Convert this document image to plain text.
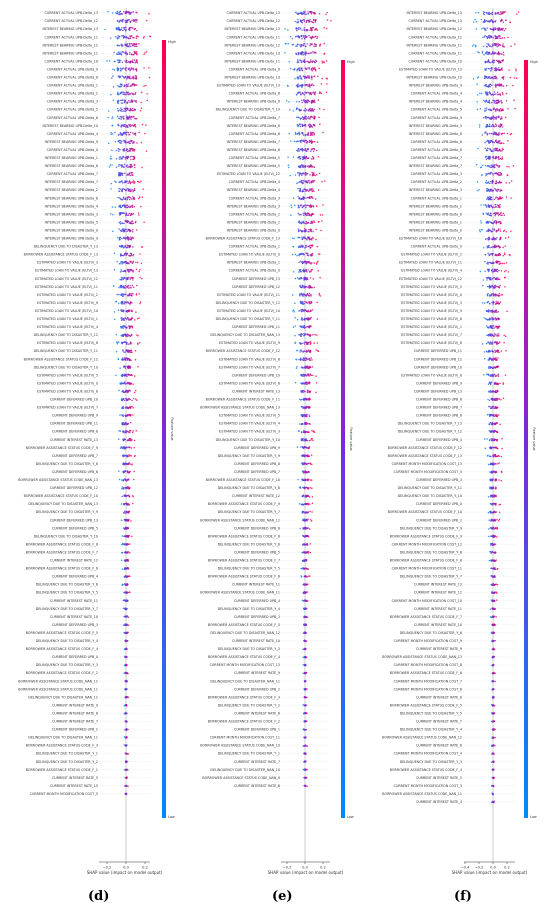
CURRENT ACTUAL UPB-Delta_13
CURRENT ACTUAL UPB-Delta_12
INTEREST BEARING UPB-Delta_13
CURRENT ACTUAL UPB-Delta_11
INTEREST BEARING UPB-Delta_12
INTEREST BEARING UPB-Delta_11
CURRENT ACTUAL UPB-Delta_10
CURRENT ACTUAL UPB-Delta_9
CURRENT ACTUAL UPB-Delta_8
CURRENT ACTUAL UPB-Delta_1
CURRENT ACTUAL UPB-Delta_2
CURRENT ACTUAL UPB-Delta_3
CURRENT ACTUAL UPB-Delta_5
CURRENT ACTUAL UPB-Delta_6
INTEREST BEARING UPB-Delta_10
CURRENT ACTUAL UPB-Delta_4
INTEREST BEARING UPB-Delta_9
CURRENT ACTUAL UPB-Delta_0
INTEREST BEARING UPB-Delta_1
INTEREST BEARING UPB-Delta_8
CURRENT ACTUAL UPB-Delta_7
INTEREST BEARING UPB-Delta_7
INTEREST BEARING UPB-Delta_2
INTEREST BEARING UPB-Delta_6
INTEREST BEARING UPB-Delta_4
INTEREST BEARING UPB-Delta_3
INTEREST BEARING UPB-Delta_5
INTEREST BEARING UPB-Delta_0
INTEREST BEARING UPB-Delta_9
DELINQUENCY DUE TO DISASTER_Y_13
BORROWER ASSISTANCE STATUS CODE_F_13
ESTIMATED LOAN TO VALUE (ELTV)_3
ESTIMATED LOAN TO VALUE (ELTV)_13
ESTIMATED LOAN TO VALUE (ELTV)_12
ESTIMATED LOAN TO VALUE (ELTV)_11
ESTIMATED LOAN TO VALUE (ELTV)_2
ESTIMATED LOAN TO VALUE (ELTV)_9
ESTIMATED LOAN TO VALUE (ELTV)_10
ESTIMATED LOAN TO VALUE (ELTV)_1
ESTIMATED LOAN TO VALUE (ELTV)_4
DELINQUENCY DUE TO DISASTER_Y_12
ESTIMATED LOAN TO VALUE (ELTV)_8
DELINQUENCY DUE TO DISASTER_Y_11
BORROWER ASSISTANCE STATUS CODE_F_12
DELINQUENCY DUE TO DISASTER_Y_10
ESTIMATED LOAN TO VALUE (ELTV)_5
ESTIMATED LOAN TO VALUE (ELTV)_0
ESTIMATED LOAN TO VALUE (ELTV)_6
CURRENT DEFERRED UPB_10
ESTIMATED LOAN TO VALUE (ELTV)_7
CURRENT DEFERRED UPB_9
CURRENT DEFERRED UPB_11
CURRENT DEFERRED UPB_8
CURRENT INTEREST RATE_13
BORROWER ASSISTANCE STATUS CODE_F_9
CURRENT DEFERRED UPB_7
DELINQUENCY DUE TO DISASTER_Y_8
CURRENT DEFERRED UPB_6
BORROWER ASSISTANCE STATUS CODE_NAN_13
CURRENT DEFERRED UPB_12
BORROWER ASSISTANCE STATUS CODE_F_10
DELINQUENCY DUE TO DISASTER_NAN_13
DELINQUENCY DUE TO DISASTER_Y_9
CURRENT DEFERRED UPB_13
CURRENT DEFERRED UPB_5
DELINQUENCY DUE TO DISASTER_Y_10
BORROWER ASSISTANCE STATUS CODE_F_8
BORROWER ASSISTANCE STATUS CODE_F_7
CURRENT INTEREST RATE_12
BORROWER ASSISTANCE STATUS CODE_F_6
CURRENT DEFERRED UPB_4
DELINQUENCY DUE TO DISASTER_Y_6
DELINQUENCY DUE TO DISASTER_Y_5
CURRENT INTEREST RATE_11
DELINQUENCY DUE TO DISASTER_Y_7
CURRENT INTEREST RATE_10
CURRENT DEFERRED UPB_3
BORROWER ASSISTANCE STATUS CODE_F_5
DELINQUENCY DUE TO DISASTER_Y_4
BORROWER ASSISTANCE STATUS CODE_F_4
CURRENT DEFERRED UPB_0
DELINQUENCY DUE TO DISASTER_Y_3
BORROWER ASSISTANCE STATUS CODE_F_2
BORROWER ASSISTANCE STATUS CODE_NAN_12
BORROWER ASSISTANCE STATUS CODE_NAN_11
DELINQUENCY DUE TO DISASTER_NAN_12
CURRENT INTEREST RATE_9
CURRENT INTEREST RATE_8
CURRENT INTEREST RATE_7
CURRENT DEFERRED UPB_2
DELINQUENCY DUE TO DISASTER_NAN_11
BORROWER ASSISTANCE STATUS CODE_F_3
DELINQUENCY DUE TO DISASTER_Y_1
DELINQUENCY DUE TO DISASTER_Y_2
BORROWER ASSISTANCE STATUS CODE_F_1
CURRENT INTEREST RATE_5
CURRENT INTEREST RATE_15
CURRENT MONTH MODIFICATION COST_5
−0.2	0.0	0.2
SHAP value (impact on model output)
High
Low
Feature value
(d)
CURRENT ACTUAL UPB-Delta_13
CURRENT ACTUAL UPB-Delta_12
INTEREST BEARING UPB-Delta_13
CURRENT ACTUAL UPB-Delta_11
INTEREST BEARING UPB-Delta_12
CURRENT ACTUAL UPB-Delta_10
INTEREST BEARING UPB-Delta_11
CURRENT ACTUAL UPB-Delta_9
INTEREST BEARING UPB-Delta_10
ESTIMATED LOAN TO VALUE (ELTV)_13
CURRENT ACTUAL UPB-Delta_8
INTEREST BEARING UPB-Delta_9
DELINQUENCY DUE TO DISASTER_Y_13
CURRENT ACTUAL UPB-Delta_7
INTEREST BEARING UPB-Delta_8
CURRENT ACTUAL UPB-Delta_6
INTEREST BEARING UPB-Delta_7
INTEREST BEARING UPB-Delta_6
CURRENT ACTUAL UPB-Delta_5
INTEREST BEARING UPB-Delta_5
ESTIMATED LOAN TO VALUE (ELTV)_12
CURRENT ACTUAL UPB-Delta_4
INTEREST BEARING UPB-Delta_4
CURRENT ACTUAL UPB-Delta_3
INTEREST BEARING UPB-Delta_3
CURRENT ACTUAL UPB-Delta_2
INTEREST BEARING UPB-Delta_2
INTEREST BEARING UPB-Delta_0
BORROWER ASSISTANCE STATUS CODE_F_13
CURRENT ACTUAL UPB-Delta_1
ESTIMATED LOAN TO VALUE (ELTV)_0
INTEREST BEARING UPB-Delta_1
CURRENT ACTUAL UPB-Delta_0
CURRENT DEFERRED UPB_13
CURRENT DEFERRED UPB_12
ESTIMATED LOAN TO VALUE (ELTV)_11
DELINQUENCY DUE TO DISASTER_Y_12
ESTIMATED LOAN TO VALUE (ELTV)_10
DELINQUENCY DUE TO DISASTER_Y_11
CURRENT DEFERRED UPB_11
DELINQUENCY DUE TO DISASTER_NAN_13
ESTIMATED LOAN TO VALUE (ELTV)_9
BORROWER ASSISTANCE STATUS CODE_F_12
ESTIMATED LOAN TO VALUE (ELTV)_8
ESTIMATED LOAN TO VALUE (ELTV)_7
CURRENT DEFERRED UPB_10
ESTIMATED LOAN TO VALUE (ELTV)_6
CURRENT INTEREST RATE_13
BORROWER ASSISTANCE STATUS CODE_F_11
BORROWER ASSISTANCE STATUS CODE_NAN_13
ESTIMATED LOAN TO VALUE (ELTV)_5
ESTIMATED LOAN TO VALUE (ELTV)_4
ESTIMATED LOAN TO VALUE (ELTV)_3
DELINQUENCY DUE TO DISASTER_Y_10
CURRENT DEFERRED UPB_9
DELINQUENCY DUE TO DISASTER_Y_9
CURRENT DEFERRED UPB_8
CURRENT DEFERRED UPB_7
BORROWER ASSISTANCE STATUS CODE_F_10
DELINQUENCY DUE TO DISASTER_Y_8
CURRENT INTEREST RATE_12
BORROWER ASSISTANCE STATUS CODE_F_9
DELINQUENCY DUE TO DISASTER_Y_7
BORROWER ASSISTANCE STATUS CODE_NAN_12
CURRENT DEFERRED UPB_6
BORROWER ASSISTANCE STATUS CODE_F_8
DELINQUENCY DUE TO DISASTER_Y_6
CURRENT DEFERRED UPB_5
BORROWER ASSISTANCE STATUS CODE_F_7
DELINQUENCY DUE TO DISASTER_Y_5
BORROWER ASSISTANCE STATUS CODE_F_6
CURRENT INTEREST RATE_11
BORROWER ASSISTANCE STATUS CODE_NAN_11
CURRENT DEFERRED UPB_4
DELINQUENCY DUE TO DISASTER_Y_4
CURRENT DEFERRED UPB_3
BORROWER ASSISTANCE STATUS CODE_F_5
DELINQUENCY DUE TO DISASTER_NAN_12
CURRENT INTEREST RATE_10
DELINQUENCY DUE TO DISASTER_Y_3
BORROWER ASSISTANCE STATUS CODE_F_4
CURRENT MONTH MODIFICATION COST_13
CURRENT INTEREST RATE_9
DELINQUENCY DUE TO DISASTER_NAN_11
CURRENT DEFERRED UPB_2
BORROWER ASSISTANCE STATUS CODE_F_3
DELINQUENCY DUE TO DISASTER_Y_2
CURRENT INTEREST RATE_8
BORROWER ASSISTANCE STATUS CODE_F_2
CURRENT DEFERRED UPB_1
CURRENT MONTH MODIFICATION COST_11
BORROWER ASSISTANCE STATUS CODE_NAN_10
DELINQUENCY DUE TO DISASTER_Y_1
CURRENT INTEREST RATE_7
DELINQUENCY DUE TO DISASTER_NAN_10
BORROWER ASSISTANCE STATUS CODE_NAN_9
CURRENT INTEREST RATE_6
−0.2	0.0	0.2
SHAP value (impact on model output)
High
Low
Feature value
(e)
INTEREST BEARING UPB-Delta_13
CURRENT ACTUAL UPB-Delta_13
INTEREST BEARING UPB-Delta_12
CURRENT ACTUAL UPB-Delta_12
INTEREST BEARING UPB-Delta_11
CURRENT ACTUAL UPB-Delta_11
CURRENT ACTUAL UPB-Delta_10
ESTIMATED LOAN TO VALUE (ELTV)_13
INTEREST BEARING UPB-Delta_10
INTEREST BEARING UPB-Delta_9
CURRENT ACTUAL UPB-Delta_4
INTEREST BEARING UPB-Delta_4
CURRENT ACTUAL UPB-Delta_5
CURRENT ACTUAL UPB-Delta_9
INTEREST BEARING UPB-Delta_5
INTEREST BEARING UPB-Delta_8
CURRENT ACTUAL UPB-Delta_6
CURRENT ACTUAL UPB-Delta_8
CURRENT ACTUAL UPB-Delta_7
INTEREST BEARING UPB-Delta_7
CURRENT ACTUAL UPB-Delta_3
CURRENT ACTUAL UPB-Delta_2
INTEREST BEARING UPB-Delta_3
CURRENT ACTUAL UPB-Delta_1
INTEREST BEARING UPB-Delta_2
INTEREST BEARING UPB-Delta_6
INTEREST BEARING UPB-Delta_1
INTEREST BEARING UPB-Delta_0
ESTIMATED LOAN TO VALUE (ELTV)_10
CURRENT ACTUAL UPB-Delta_0
ESTIMATED LOAN TO VALUE (ELTV)_2
ESTIMATED LOAN TO VALUE (ELTV)_11
ESTIMATED LOAN TO VALUE (ELTV)_4
ESTIMATED LOAN TO VALUE (ELTV)_12
ESTIMATED LOAN TO VALUE (ELTV)_5
ESTIMATED LOAN TO VALUE (ELTV)_0
ESTIMATED LOAN TO VALUE (ELTV)_3
ESTIMATED LOAN TO VALUE (ELTV)_9
ESTIMATED LOAN TO VALUE (ELTV)_6
ESTIMATED LOAN TO VALUE (ELTV)_1
ESTIMATED LOAN TO VALUE (ELTV)_7
ESTIMATED LOAN TO VALUE (ELTV)_8
CURRENT DEFERRED UPB_11
CURRENT DEFERRED UPB_12
CURRENT DEFERRED UPB_10
ESTIMATED LOAN TO VALUE (ELTV)_8
CURRENT DEFERRED UPB_9
CURRENT DEFERRED UPB_13
CURRENT DEFERRED UPB_8
CURRENT DEFERRED UPB_7
CURRENT DEFERRED UPB_6
DELINQUENCY DUE TO DISASTER_Y_13
DELINQUENCY DUE TO DISASTER_Y_12
CURRENT DEFERRED UPB_4
BORROWER ASSISTANCE STATUS CODE_F_12
BORROWER ASSISTANCE STATUS CODE_F_13
CURRENT MONTH MODIFICATION COST_13
CURRENT MONTH MODIFICATION COST_5
CURRENT DEFERRED UPB_3
DELINQUENCY DUE TO DISASTER_Y_11
DELINQUENCY DUE TO DISASTER_Y_10
CURRENT DEFERRED UPB_0
BORROWER ASSISTANCE STATUS CODE_F_10
CURRENT DEFERRED UPB_2
DELINQUENCY DUE TO DISASTER_Y_9
BORROWER ASSISTANCE STATUS CODE_F_9
CURRENT MONTH MODIFICATION COST_12
DELINQUENCY DUE TO DISASTER_Y_8
BORROWER ASSISTANCE STATUS CODE_F_8
CURRENT MONTH MODIFICATION COST_11
DELINQUENCY DUE TO DISASTER_Y_7
CURRENT INTEREST RATE_13
CURRENT INTEREST RATE_12
CURRENT MONTH MODIFICATION COST_10
CURRENT INTEREST RATE_11
BORROWER ASSISTANCE STATUS CODE_F_7
CURRENT INTEREST RATE_10
DELINQUENCY DUE TO DISASTER_Y_6
CURRENT MONTH MODIFICATION COST_9
CURRENT INTEREST RATE_9
BORROWER ASSISTANCE STATUS CODE_NAN_13
CURRENT MONTH MODIFICATION COST_8
BORROWER ASSISTANCE STATUS CODE_F_6
CURRENT MONTH MODIFICATION COST_7
CURRENT MONTH MODIFICATION COST_6
CURRENT INTEREST RATE_8
BORROWER ASSISTANCE STATUS CODE_F_5
DELINQUENCY DUE TO DISASTER_Y_5
CURRENT INTEREST RATE_7
DELINQUENCY DUE TO DISASTER_Y_4
BORROWER ASSISTANCE STATUS CODE_NAN_12
CURRENT INTEREST RATE_6
CURRENT MONTH MODIFICATION COST_4
DELINQUENCY DUE TO DISASTER_Y_3
BORROWER ASSISTANCE STATUS CODE_F_4
CURRENT INTEREST RATE_5
CURRENT MONTH MODIFICATION COST_3
BORROWER ASSISTANCE STATUS CODE_NAN_11
CURRENT INTEREST RATE_4
−0.4 −0.2 0.0 0.2
SHAP value (impact on model output)
High
Low
Feature value
(f)
